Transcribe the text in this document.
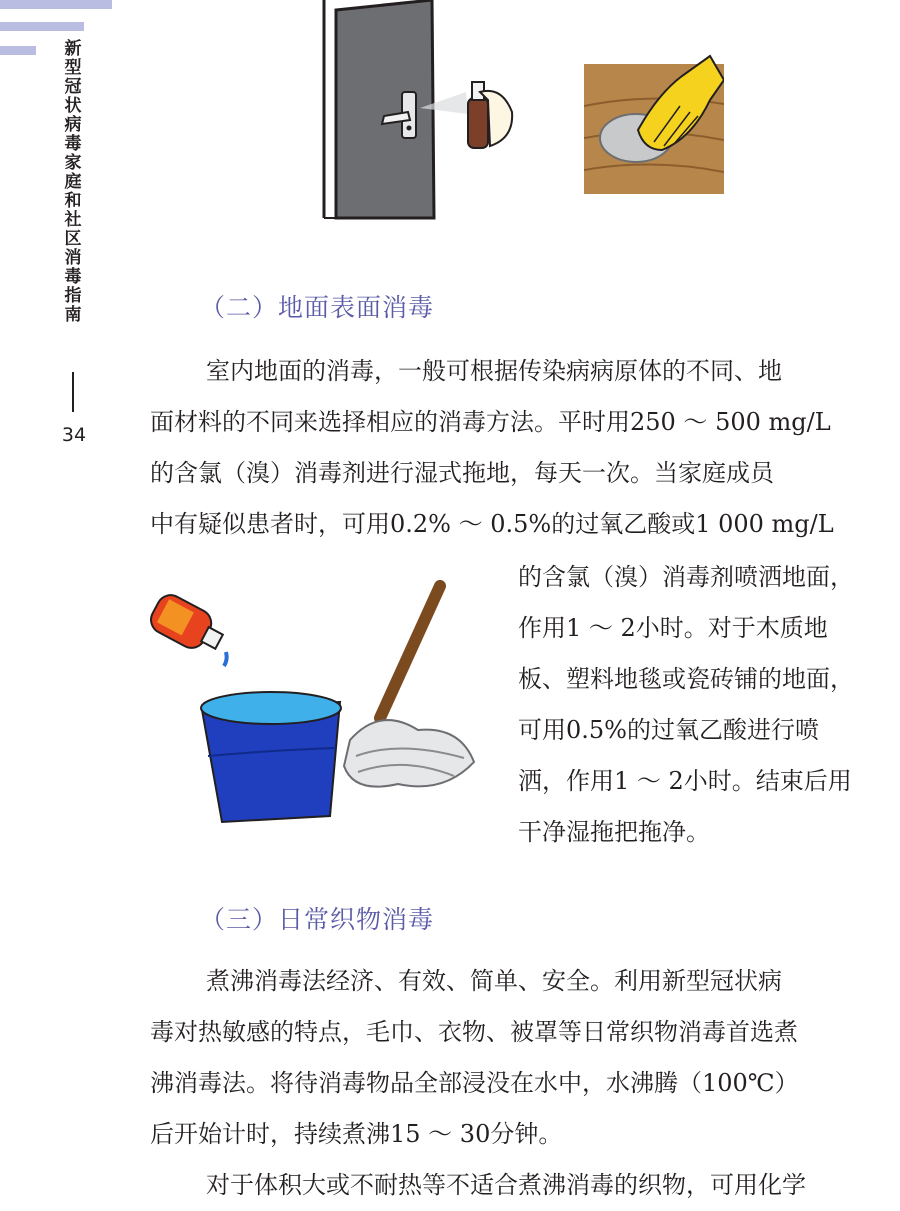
新型冠状病毒家庭和社区消毒指南
34
（二）地面表面消毒
室内地面的消毒，一般可根据传染病病原体的不同、地
面材料的不同来选择相应的消毒方法。平时用250 ～ 500 mg/L
的含氯（溴）消毒剂进行湿式拖地，每天一次。当家庭成员
中有疑似患者时，可用0.2% ～ 0.5%的过氧乙酸或1 000 mg/L
的含氯（溴）消毒剂喷洒地面，
作用1 ～ 2小时。对于木质地
板、塑料地毯或瓷砖铺的地面，
可用0.5%的过氧乙酸进行喷
洒，作用1 ～ 2小时。结束后用
干净湿拖把拖净。
（三）日常织物消毒
煮沸消毒法经济、有效、简单、安全。利用新型冠状病
毒对热敏感的特点，毛巾、衣物、被罩等日常织物消毒首选煮
沸消毒法。将待消毒物品全部浸没在水中，水沸腾（100℃）
后开始计时，持续煮沸15 ～ 30分钟。
对于体积大或不耐热等不适合煮沸消毒的织物，可用化学
